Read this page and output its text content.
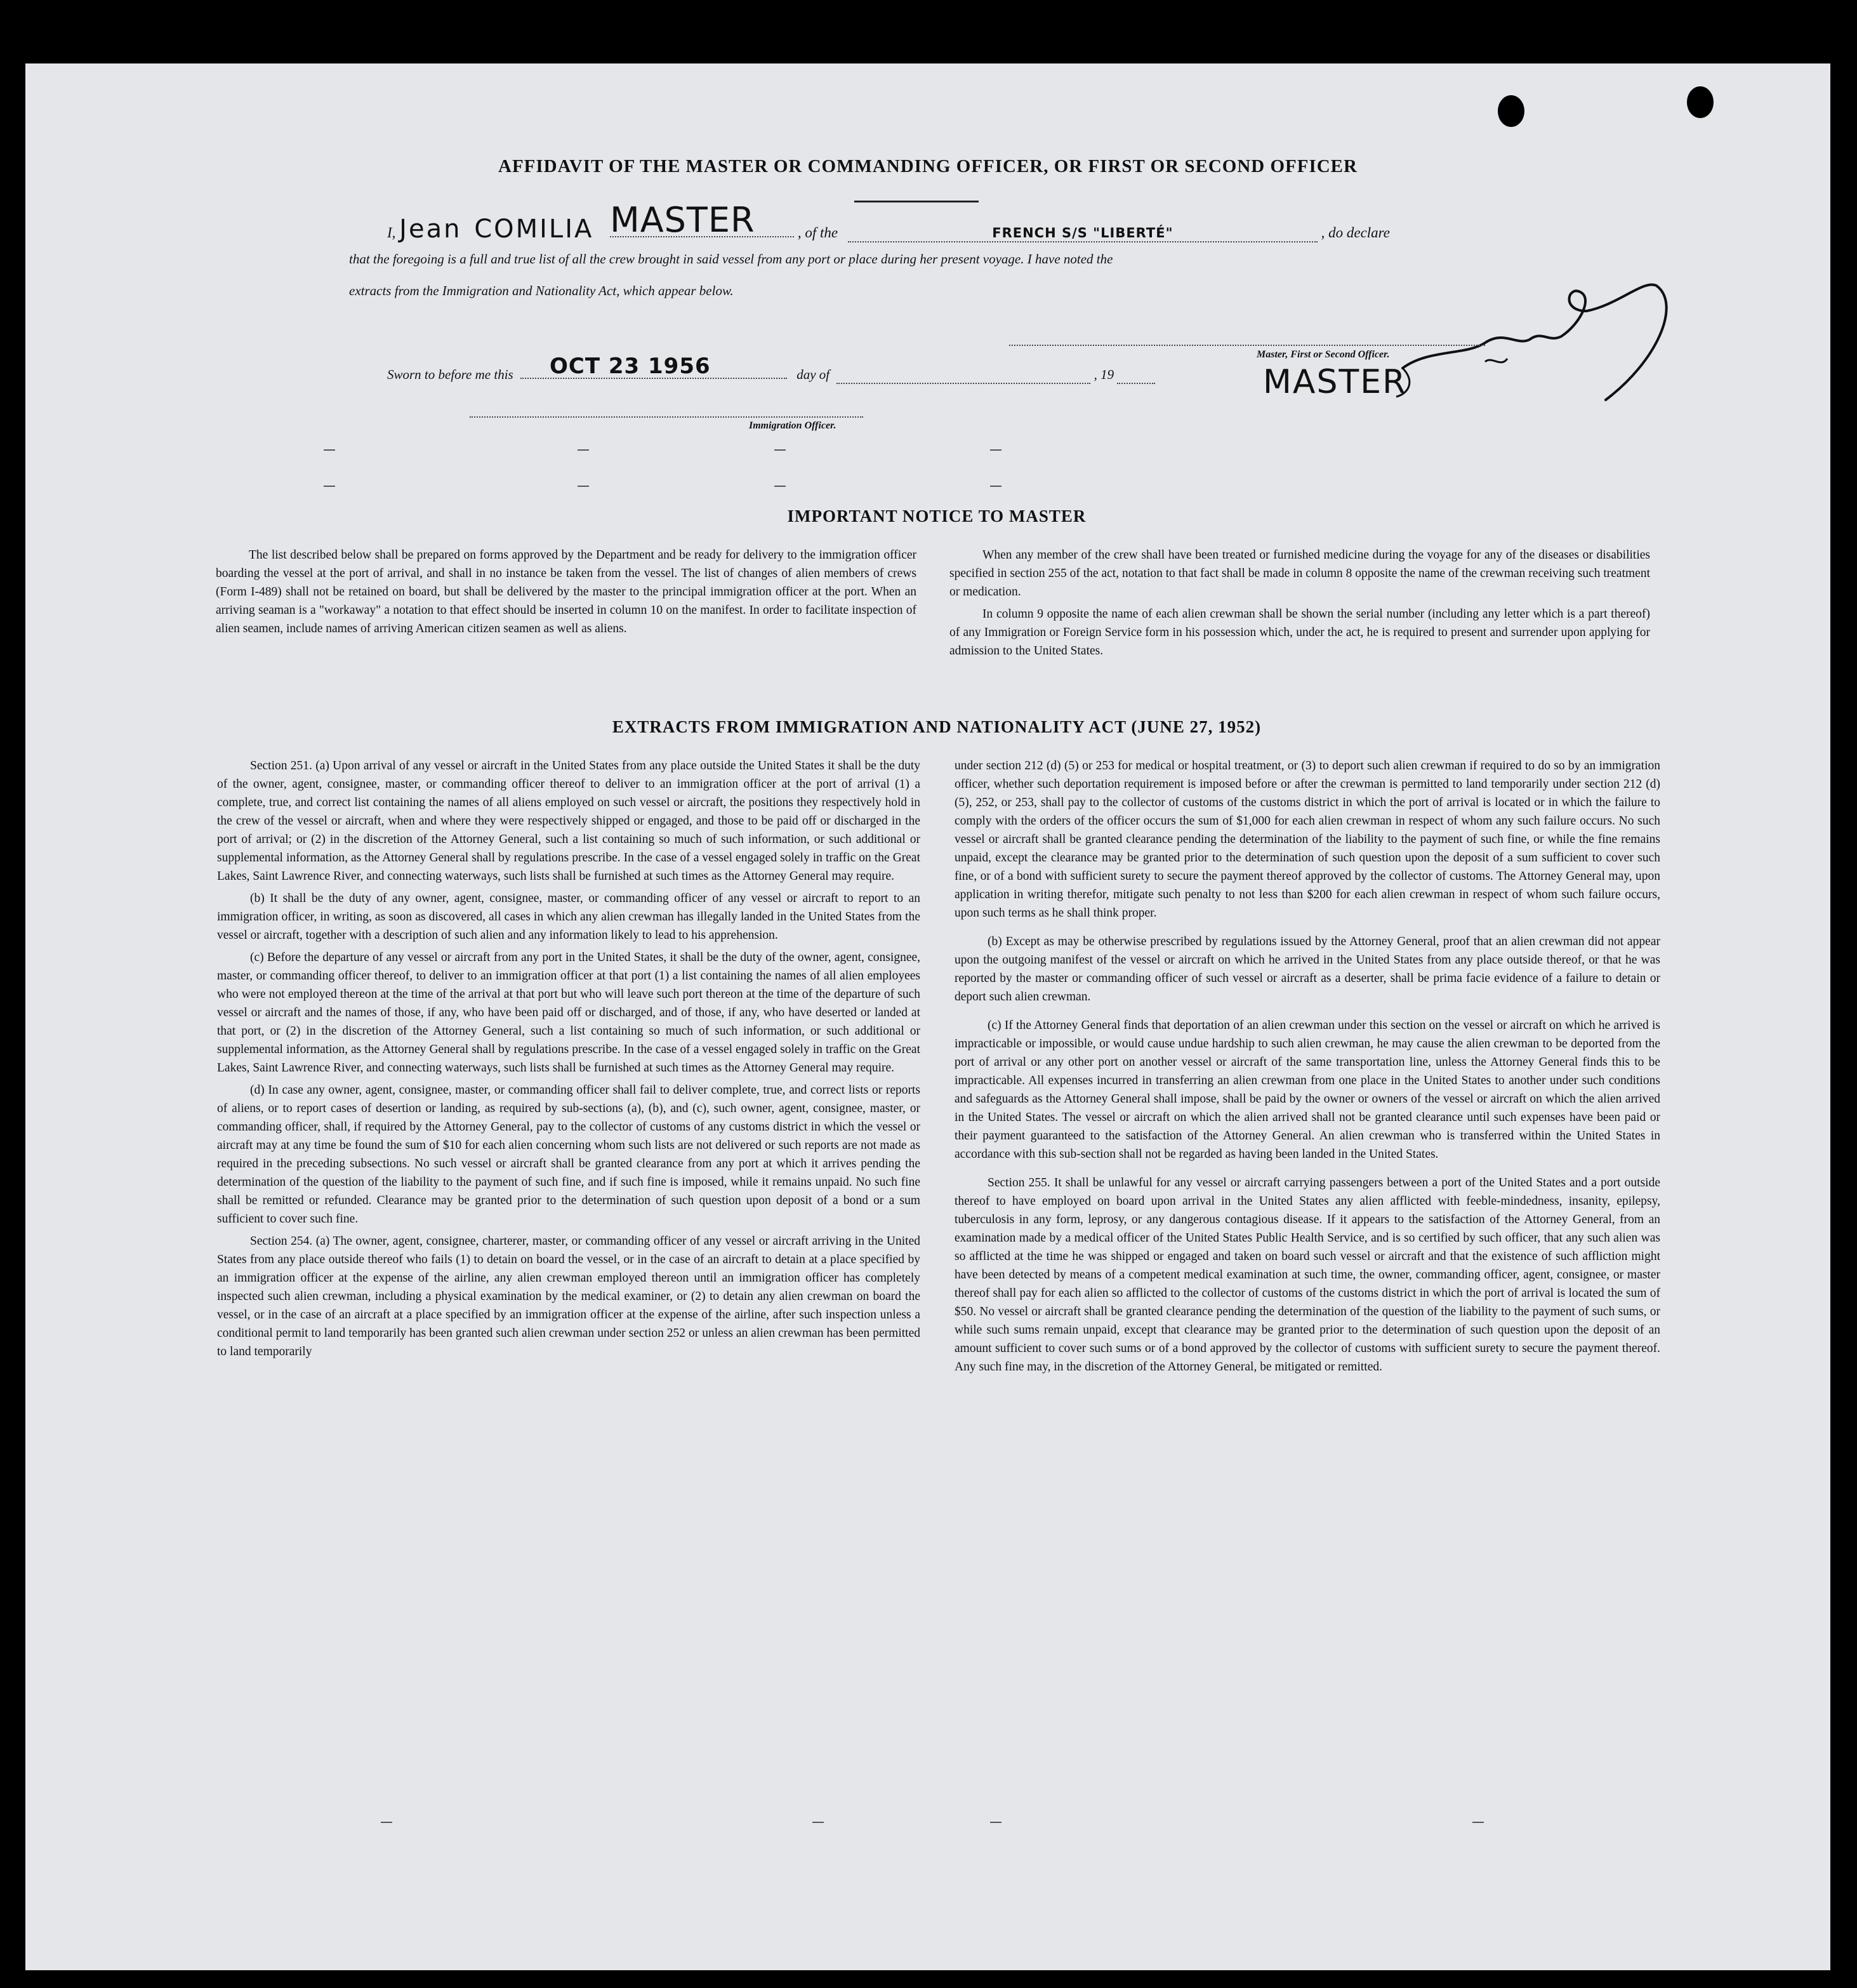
AFFIDAVIT OF THE MASTER OR COMMANDING OFFICER, OR FIRST OR SECOND OFFICER
I, Jean COMILIA MASTER	, of the	FRENCH S/S "LIBERTÉ"	, do declare
that the foregoing is a full and true list of all the crew brought in said vessel from any port or place during her present voyage. I have noted the
extracts from the Immigration and Nationality Act, which appear below.
Master, First or Second Officer.
MASTER
Sworn to before me this OCT 23 1956	day of	, 19
Immigration Officer.
IMPORTANT NOTICE TO MASTER

The list described below shall be prepared on forms approved by the Department and be ready for delivery to the immigration officer boarding the vessel at the port of arrival, and shall in no instance be taken from the vessel. The list of changes of alien members of crews (Form I-489) shall not be retained on board, but shall be delivered by the master to the principal immigration officer at the port. When an arriving seaman is a "workaway" a notation to that effect should be inserted in column 10 on the manifest. In order to facilitate inspection of alien seamen, include names of arriving American citizen seamen as well as aliens.

When any member of the crew shall have been treated or furnished medicine during the voyage for any of the diseases or disabilities specified in section 255 of the act, notation to that fact shall be made in column 8 opposite the name of the crewman receiving such treatment or medication.

In column 9 opposite the name of each alien crewman shall be shown the serial number (including any letter which is a part thereof) of any Immigration or Foreign Service form in his possession which, under the act, he is required to present and surrender upon applying for admission to the United States.

EXTRACTS FROM IMMIGRATION AND NATIONALITY ACT (JUNE 27, 1952)

Section 251. (a) Upon arrival of any vessel or aircraft in the United States from any place outside the United States it shall be the duty of the owner, agent, consignee, master, or commanding officer thereof to deliver to an immigration officer at the port of arrival (1) a complete, true, and correct list containing the names of all aliens employed on such vessel or aircraft, the positions they respectively hold in the crew of the vessel or aircraft, when and where they were respectively shipped or engaged, and those to be paid off or discharged in the port of arrival; or (2) in the discretion of the Attorney General, such a list containing so much of such information, or such additional or supplemental information, as the Attorney General shall by regulations prescribe. In the case of a vessel engaged solely in traffic on the Great Lakes, Saint Lawrence River, and connecting waterways, such lists shall be furnished at such times as the Attorney General may require.

(b) It shall be the duty of any owner, agent, consignee, master, or commanding officer of any vessel or aircraft to report to an immigration officer, in writing, as soon as discovered, all cases in which any alien crewman has illegally landed in the United States from the vessel or aircraft, together with a description of such alien and any information likely to lead to his apprehension.

(c) Before the departure of any vessel or aircraft from any port in the United States, it shall be the duty of the owner, agent, consignee, master, or commanding officer thereof, to deliver to an immigration officer at that port (1) a list containing the names of all alien employees who were not employed thereon at the time of the arrival at that port but who will leave such port thereon at the time of the departure of such vessel or aircraft and the names of those, if any, who have been paid off or discharged, and of those, if any, who have deserted or landed at that port, or (2) in the discretion of the Attorney General, such a list containing so much of such information, or such additional or supplemental information, as the Attorney General shall by regulations prescribe. In the case of a vessel engaged solely in traffic on the Great Lakes, Saint Lawrence River, and connecting waterways, such lists shall be furnished at such times as the Attorney General may require.

(d) In case any owner, agent, consignee, master, or commanding officer shall fail to deliver complete, true, and correct lists or reports of aliens, or to report cases of desertion or landing, as required by sub-sections (a), (b), and (c), such owner, agent, consignee, master, or commanding officer, shall, if required by the Attorney General, pay to the collector of customs of any customs district in which the vessel or aircraft may at any time be found the sum of $10 for each alien concerning whom such lists are not delivered or such reports are not made as required in the preceding subsections. No such vessel or aircraft shall be granted clearance from any port at which it arrives pending the determination of the question of the liability to the payment of such fine, and if such fine is imposed, while it remains unpaid. No such fine shall be remitted or refunded. Clearance may be granted prior to the determination of such question upon deposit of a bond or a sum sufficient to cover such fine.

Section 254. (a) The owner, agent, consignee, charterer, master, or commanding officer of any vessel or aircraft arriving in the United States from any place outside thereof who fails (1) to detain on board the vessel, or in the case of an aircraft to detain at a place specified by an immigration officer at the expense of the airline, any alien crewman employed thereon until an immigration officer has completely inspected such alien crewman, including a physical examination by the medical examiner, or (2) to detain any alien crewman on board the vessel, or in the case of an aircraft at a place specified by an immigration officer at the expense of the airline, after such inspection unless a conditional permit to land temporarily has been granted such alien crewman under section 252 or unless an alien crewman has been permitted to land temporarily

under section 212 (d) (5) or 253 for medical or hospital treatment, or (3) to deport such alien crewman if required to do so by an immigration officer, whether such deportation requirement is imposed before or after the crewman is permitted to land temporarily under section 212 (d) (5), 252, or 253, shall pay to the collector of customs of the customs district in which the port of arrival is located or in which the failure to comply with the orders of the officer occurs the sum of $1,000 for each alien crewman in respect of whom any such failure occurs. No such vessel or aircraft shall be granted clearance pending the determination of the liability to the payment of such fine, or while the fine remains unpaid, except the clearance may be granted prior to the determination of such question upon the deposit of a sum sufficient to cover such fine, or of a bond with sufficient surety to secure the payment thereof approved by the collector of customs. The Attorney General may, upon application in writing therefor, mitigate such penalty to not less than $200 for each alien crewman in respect of whom such failure occurs, upon such terms as he shall think proper.

(b) Except as may be otherwise prescribed by regulations issued by the Attorney General, proof that an alien crewman did not appear upon the outgoing manifest of the vessel or aircraft on which he arrived in the United States from any place outside thereof, or that he was reported by the master or commanding officer of such vessel or aircraft as a deserter, shall be prima facie evidence of a failure to detain or deport such alien crewman.

(c) If the Attorney General finds that deportation of an alien crewman under this section on the vessel or aircraft on which he arrived is impracticable or impossible, or would cause undue hardship to such alien crewman, he may cause the alien crewman to be deported from the port of arrival or any other port on another vessel or aircraft of the same transportation line, unless the Attorney General finds this to be impracticable. All expenses incurred in transferring an alien crewman from one place in the United States to another under such conditions and safeguards as the Attorney General shall impose, shall be paid by the owner or owners of the vessel or aircraft on which the alien arrived in the United States. The vessel or aircraft on which the alien arrived shall not be granted clearance until such expenses have been paid or their payment guaranteed to the satisfaction of the Attorney General. An alien crewman who is transferred within the United States in accordance with this sub-section shall not be regarded as having been landed in the United States.

Section 255. It shall be unlawful for any vessel or aircraft carrying passengers between a port of the United States and a port outside thereof to have employed on board upon arrival in the United States any alien afflicted with feeble-mindedness, insanity, epilepsy, tuberculosis in any form, leprosy, or any dangerous contagious disease. If it appears to the satisfaction of the Attorney General, from an examination made by a medical officer of the United States Public Health Service, and is so certified by such officer, that any such alien was so afflicted at the time he was shipped or engaged and taken on board such vessel or aircraft and that the existence of such affliction might have been detected by means of a competent medical examination at such time, the owner, commanding officer, agent, consignee, or master thereof shall pay for each alien so afflicted to the collector of customs of the customs district in which the port of arrival is located the sum of $50. No vessel or aircraft shall be granted clearance pending the determination of the question of the liability to the payment of such sums, or while such sums remain unpaid, except that clearance may be granted prior to the determination of such question upon the deposit of an amount sufficient to cover such sums or of a bond approved by the collector of customs with sufficient surety to secure the payment thereof. Any such fine may, in the discretion of the Attorney General, be mitigated or remitted.
